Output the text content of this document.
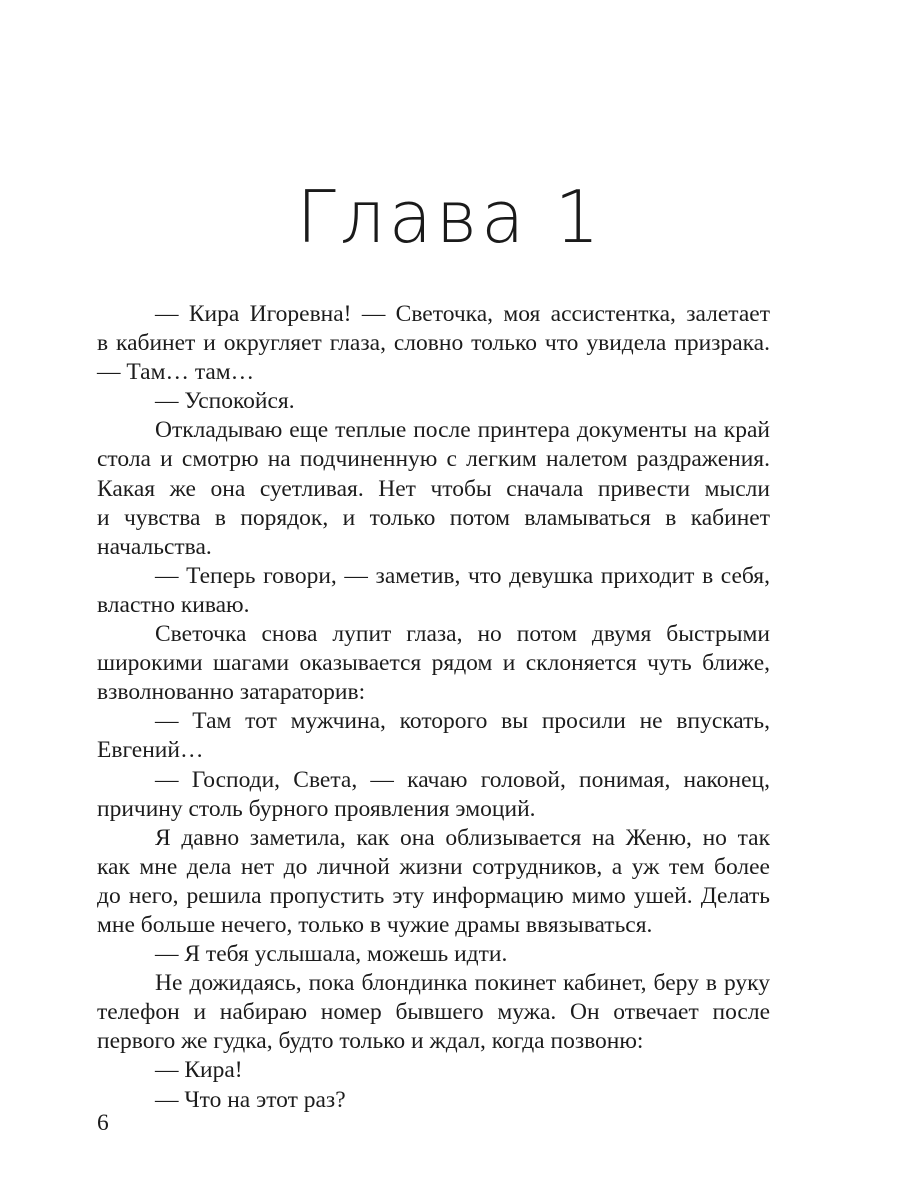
Глава 1
— Кира Игоревна! — Светочка, моя ассистентка, залетает
в кабинет и округляет глаза, словно только что увидела призрака.
— Там… там…
— Успокойся.
Откладываю еще теплые после принтера документы на край
стола и смотрю на подчиненную с легким налетом раздражения.
Какая же она суетливая. Нет чтобы сначала привести мысли
и чувства в порядок, и только потом вламываться в кабинет
начальства.
— Теперь говори, — заметив, что девушка приходит в себя,
властно киваю.
Светочка снова лупит глаза, но потом двумя быстрыми
широкими шагами оказывается рядом и склоняется чуть ближе,
взволнованно затараторив:
— Там тот мужчина, которого вы просили не впускать,
Евгений…
— Господи, Света, — качаю головой, понимая, наконец,
причину столь бурного проявления эмоций.
Я давно заметила, как она облизывается на Женю, но так
как мне дела нет до личной жизни сотрудников, а уж тем более
до него, решила пропустить эту информацию мимо ушей. Делать
мне больше нечего, только в чужие драмы ввязываться.
— Я тебя услышала, можешь идти.
Не дожидаясь, пока блондинка покинет кабинет, беру в руку
телефон и набираю номер бывшего мужа. Он отвечает после
первого же гудка, будто только и ждал, когда позвоню:
— Кира!
— Что на этот раз?
6
